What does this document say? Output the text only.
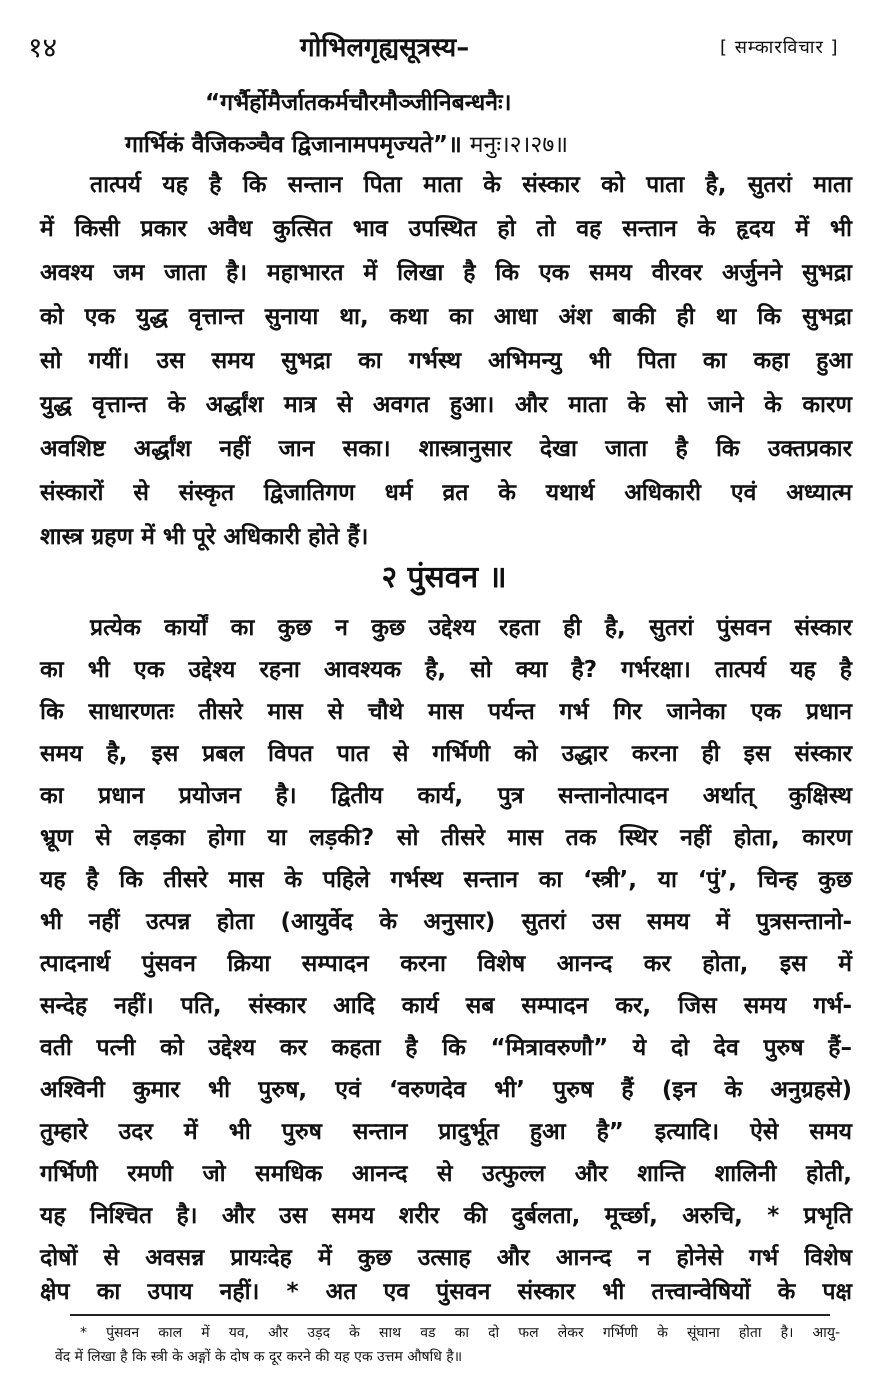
१४	गोभिलगृह्यसूत्रस्य–	[ सम्कारविचार ]
“गर्भैर्होमैर्जातकर्मचौरमौञ्जीनिबन्धनैः।
गार्भिकं वैजिकञ्चैव द्विजानामपमृज्यते”॥ मनुः।२।२७॥
तात्पर्य यह है कि सन्तान पिता माता के संस्कार को पाता है, सुतरां माता
में किसी प्रकार अवैध कुत्सित भाव उपस्थित हो तो वह सन्तान के हृदय में भी
अवश्य जम जाता है। महाभारत में लिखा है कि एक समय वीरवर अर्जुनने सुभद्रा
को एक युद्ध वृत्तान्त सुनाया था, कथा का आधा अंश बाकी ही था कि सुभद्रा
सो गयीं। उस समय सुभद्रा का गर्भस्थ अभिमन्यु भी पिता का कहा हुआ
युद्ध वृत्तान्त के अर्द्धांश मात्र से अवगत हुआ। और माता के सो जाने के कारण
अवशिष्ट अर्द्धांश नहीं जान सका। शास्त्रानुसार देखा जाता है कि उक्तप्रकार
संस्कारों से संस्कृत द्विजातिगण धर्म व्रत के यथार्थ अधिकारी एवं अध्यात्म
शास्त्र ग्रहण में भी पूरे अधिकारी होते हैं।
२ पुंसवन ॥
प्रत्येक कार्यों का कुछ न कुछ उद्देश्य रहता ही है, सुतरां पुंसवन संस्कार
का भी एक उद्देश्य रहना आवश्यक है, सो क्या है? गर्भरक्षा। तात्पर्य यह है
कि साधारणतः तीसरे मास से चौथे मास पर्यन्त गर्भ गिर जानेका एक प्रधान
समय है, इस प्रबल विपत पात से गर्भिणी को उद्धार करना ही इस संस्कार
का प्रधान प्रयोजन है। द्वितीय कार्य, पुत्र सन्तानोत्पादन अर्थात् कुक्षिस्थ
भ्रूण से लड़का होगा या लड़की? सो तीसरे मास तक स्थिर नहीं होता, कारण
यह है कि तीसरे मास के पहिले गर्भस्थ सन्तान का ‘स्त्री’, या ‘पुं’, चिन्ह कुछ
भी नहीं उत्पन्न होता (आयुर्वेद के अनुसार) सुतरां उस समय में पुत्रसन्तानो-
त्पादनार्थ पुंसवन क्रिया सम्पादन करना विशेष आनन्द कर होता, इस में
सन्देह नहीं। पति, संस्कार आदि कार्य सब सम्पादन कर, जिस समय गर्भ-
वती पत्नी को उद्देश्य कर कहता है कि “मित्रावरुणौ” ये दो देव पुरुष हैं–
अश्विनी कुमार भी पुरुष, एवं ‘वरुणदेव भी’ पुरुष हैं (इन के अनुग्रहसे)
तुम्हारे उदर में भी पुरुष सन्तान प्रादुर्भूत हुआ है” इत्यादि। ऐसे समय
गर्भिणी रमणी जो समधिक आनन्द से उत्फुल्ल और शान्ति शालिनी होती,
यह निश्चित है। और उस समय शरीर की दुर्बलता, मूर्च्छा, अरुचि, * प्रभृति
दोषों से अवसन्न प्रायःदेह में कुछ उत्साह और आनन्द न होनेसे गर्भ विशेष
क्षेप का उपाय नहीं। * अत एव पुंसवन संस्कार भी तत्त्वान्वेषियों के पक्ष
* पुंसवन काल में यव, और उड़द के साथ वड का दो फल लेकर गर्भिणी के सूंघाना होता है। आयु-
र्वेद में लिखा है कि स्त्री के अङ्गों के दोष क दूर करने की यह एक उत्तम औषधि है॥
